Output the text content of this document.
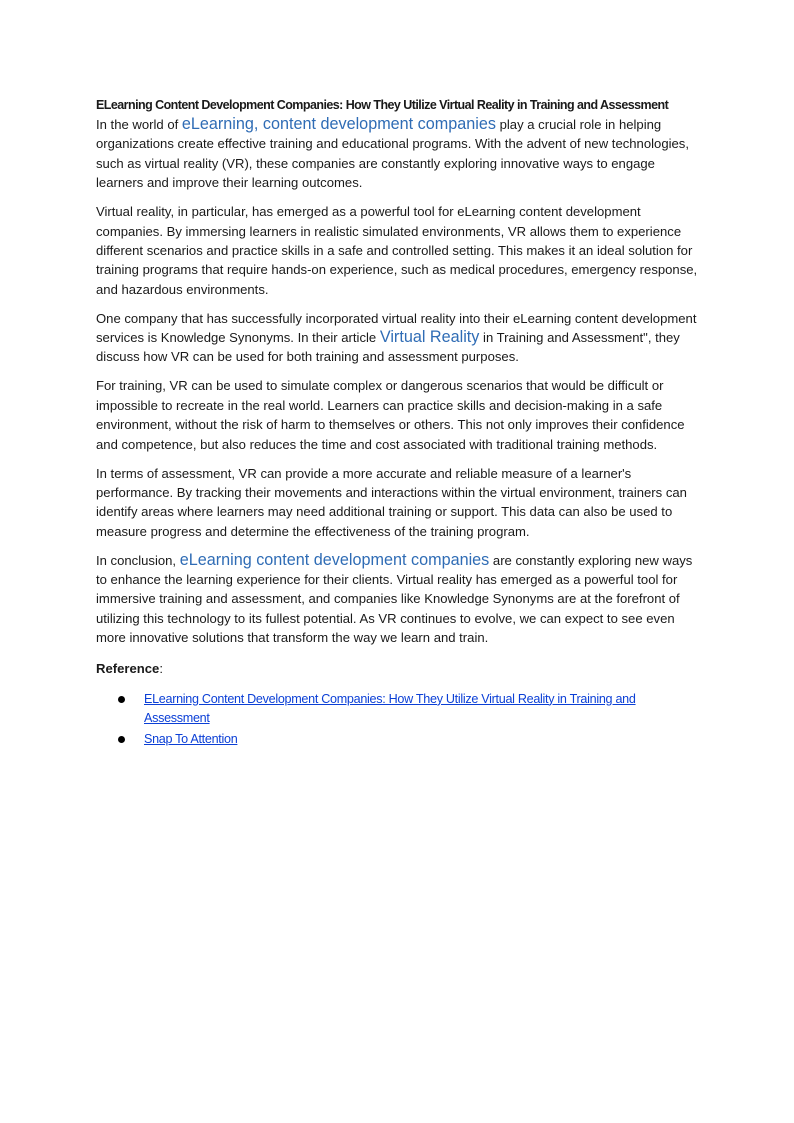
ELearning Content Development Companies: How They Utilize Virtual Reality in Training and Assessment

In the world of eLearning, content development companies play a crucial role in helping organizations create effective training and educational programs. With the advent of new technologies, such as virtual reality (VR), these companies are constantly exploring innovative ways to engage learners and improve their learning outcomes.

Virtual reality, in particular, has emerged as a powerful tool for eLearning content development companies. By immersing learners in realistic simulated environments, VR allows them to experience different scenarios and practice skills in a safe and controlled setting. This makes it an ideal solution for training programs that require hands-on experience, such as medical procedures, emergency response, and hazardous environments.

One company that has successfully incorporated virtual reality into their eLearning content development services is Knowledge Synonyms. In their article Virtual Reality in Training and Assessment", they discuss how VR can be used for both training and assessment purposes.

For training, VR can be used to simulate complex or dangerous scenarios that would be difficult or impossible to recreate in the real world. Learners can practice skills and decision-making in a safe environment, without the risk of harm to themselves or others. This not only improves their confidence and competence, but also reduces the time and cost associated with traditional training methods.

In terms of assessment, VR can provide a more accurate and reliable measure of a learner's performance. By tracking their movements and interactions within the virtual environment, trainers can identify areas where learners may need additional training or support. This data can also be used to measure progress and determine the effectiveness of the training program.

In conclusion, eLearning content development companies are constantly exploring new ways to enhance the learning experience for their clients. Virtual reality has emerged as a powerful tool for immersive training and assessment, and companies like Knowledge Synonyms are at the forefront of utilizing this technology to its fullest potential. As VR continues to evolve, we can expect to see even more innovative solutions that transform the way we learn and train.

Reference:
ELearning Content Development Companies: How They Utilize Virtual Reality in Training and Assessment
Snap To Attention
